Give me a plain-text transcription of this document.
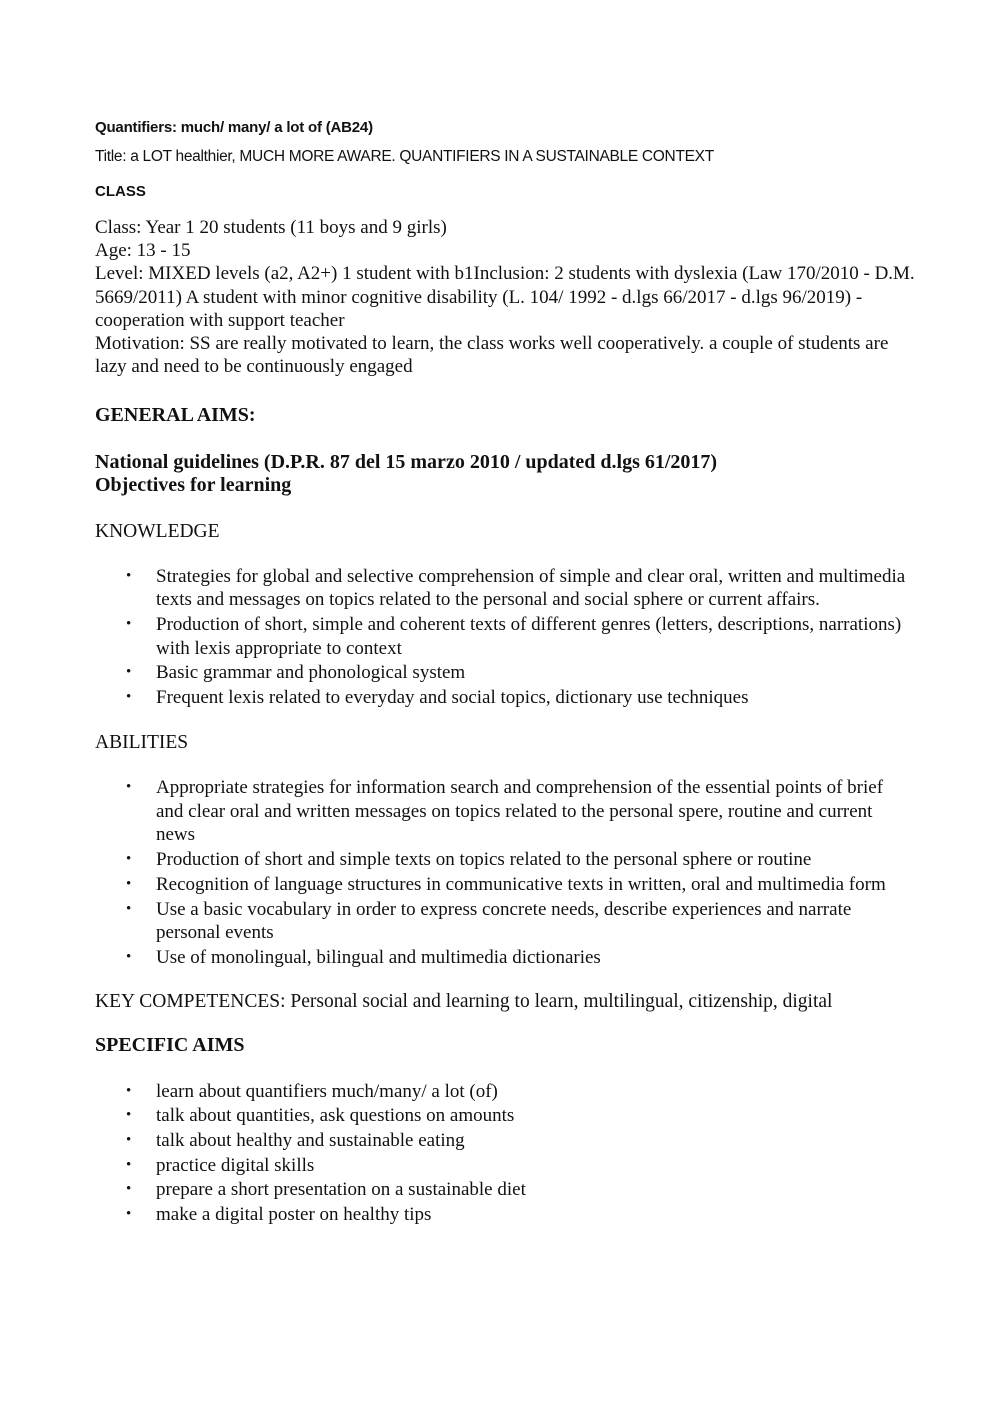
Quantifiers: much/ many/ a lot of (AB24)

Title: a LOT healthier, MUCH MORE AWARE. QUANTIFIERS IN A SUSTAINABLE CONTEXT

CLASS

Class: Year 1 20 students (11 boys and 9 girls)

Age: 13 - 15

Level: MIXED levels (a2, A2+) 1 student with b1Inclusion: 2 students with dyslexia (Law 170/2010 - D.M. 5669/2011) A student with minor cognitive disability (L. 104/ 1992 - d.lgs 66/2017 - d.lgs 96/2019) - cooperation with support teacher

Motivation: SS are really motivated to learn, the class works well cooperatively. a couple of students are lazy and need to be continuously engaged

GENERAL AIMS:

National guidelines (D.P.R. 87 del 15 marzo 2010 / updated d.lgs 61/2017)

Objectives for learning

KNOWLEDGE

• Strategies for global and selective comprehension of simple and clear oral, written and multimedia texts and messages on topics related to the personal and social sphere or current affairs.
• Production of short, simple and coherent texts of different genres (letters, descriptions, narrations) with lexis appropriate to context
• Basic grammar and phonological system
• Frequent lexis related to everyday and social topics, dictionary use techniques

ABILITIES

• Appropriate strategies for information search and comprehension of the essential points of brief and clear oral and written messages on topics related to the personal spere, routine and current news
• Production of short and simple texts on topics related to the personal sphere or routine
• Recognition of language structures in communicative texts in written, oral and multimedia form
• Use a basic vocabulary in order to express concrete needs, describe experiences and narrate personal events
• Use of monolingual, bilingual and multimedia dictionaries

KEY COMPETENCES: Personal social and learning to learn, multilingual, citizenship, digital

SPECIFIC AIMS

• learn about quantifiers much/many/ a lot (of)
• talk about quantities, ask questions on amounts
• talk about healthy and sustainable eating
• practice digital skills
• prepare a short presentation on a sustainable diet
• make a digital poster on healthy tips
